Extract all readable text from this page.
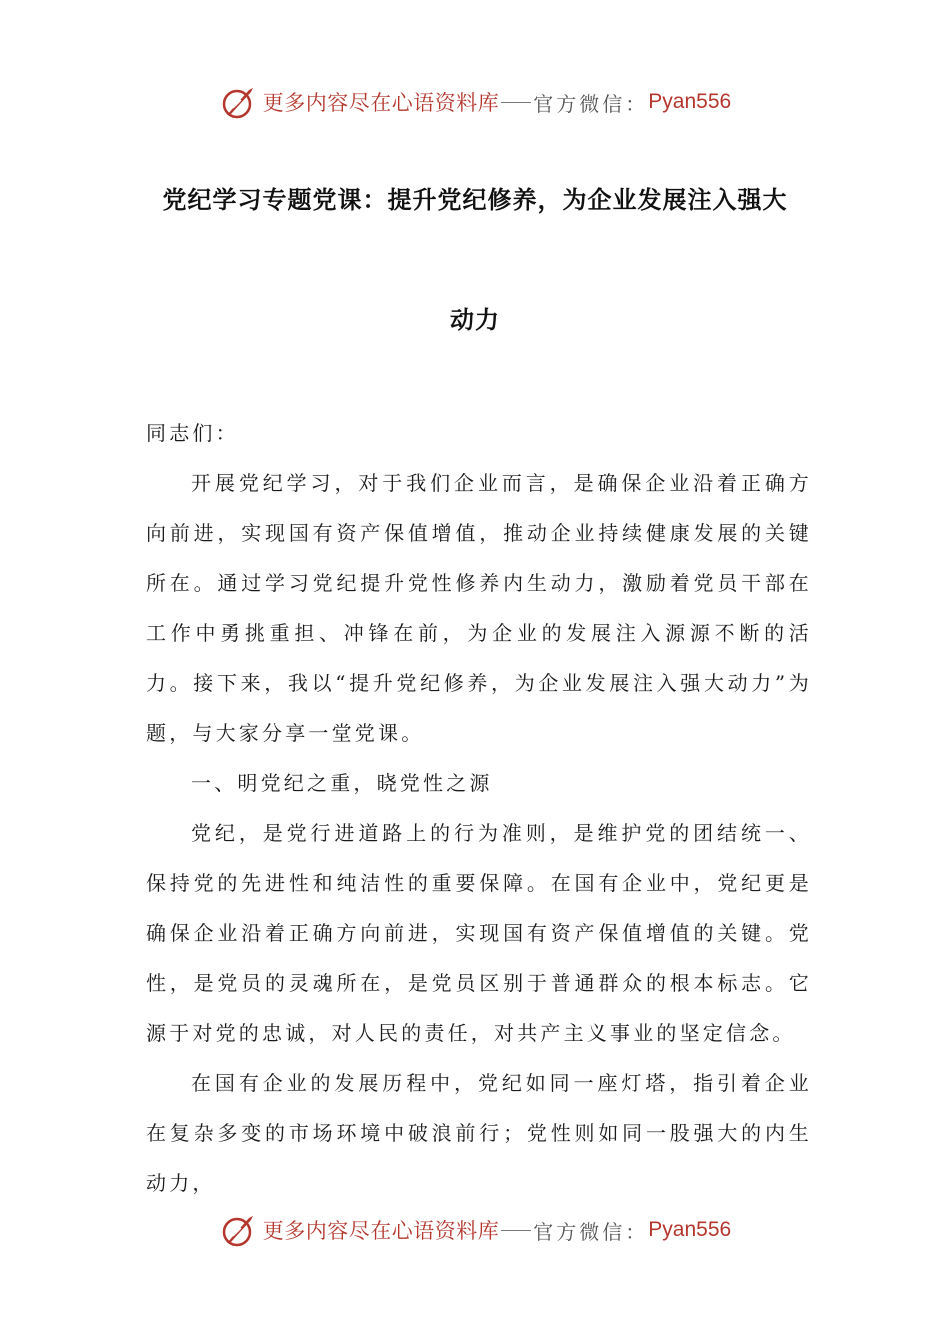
更多内容尽在心语资料库 官方微信： Pyan556
党纪学习专题党课：提升党纪修养，为企业发展注入强大
动力

同志们：

开展党纪学习，对于我们企业而言，是确保企业沿着正确方向前进，实现国有资产保值增值，推动企业持续健康发展的关键所在。通过学习党纪提升党性修养内生动力，激励着党员干部在工作中勇挑重担、冲锋在前，为企业的发展注入源源不断的活力。接下来，我以“提升党纪修养，为企业发展注入强大动力”为题，与大家分享一堂党课。

一、明党纪之重，晓党性之源

党纪，是党行进道路上的行为准则，是维护党的团结统一、保持党的先进性和纯洁性的重要保障。在国有企业中，党纪更是确保企业沿着正确方向前进，实现国有资产保值增值的关键。党性，是党员的灵魂所在，是党员区别于普通群众的根本标志。它源于对党的忠诚，对人民的责任，对共产主义事业的坚定信念。

在国有企业的发展历程中，党纪如同一座灯塔，指引着企业在复杂多变的市场环境中破浪前行；党性则如同一股强大的内生动力，

更多内容尽在心语资料库 官方微信： Pyan556
